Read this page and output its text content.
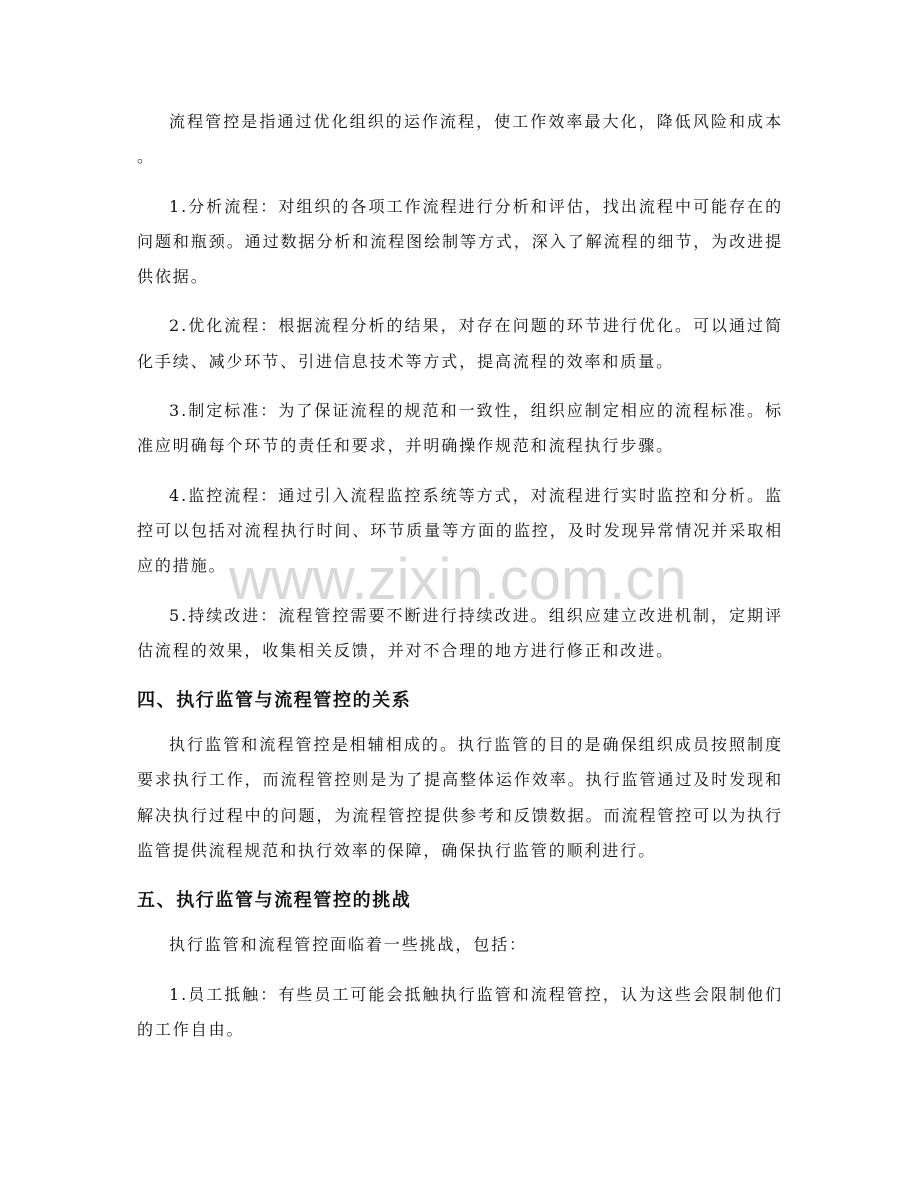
流程管控是指通过优化组织的运作流程，使工作效率最大化，降低风险和成本。

1.分析流程：对组织的各项工作流程进行分析和评估，找出流程中可能存在的问题和瓶颈。通过数据分析和流程图绘制等方式，深入了解流程的细节，为改进提供依据。

2.优化流程：根据流程分析的结果，对存在问题的环节进行优化。可以通过简化手续、减少环节、引进信息技术等方式，提高流程的效率和质量。

3.制定标准：为了保证流程的规范和一致性，组织应制定相应的流程标准。标准应明确每个环节的责任和要求，并明确操作规范和流程执行步骤。

4.监控流程：通过引入流程监控系统等方式，对流程进行实时监控和分析。监控可以包括对流程执行时间、环节质量等方面的监控，及时发现异常情况并采取相应的措施。

5.持续改进：流程管控需要不断进行持续改进。组织应建立改进机制，定期评估流程的效果，收集相关反馈，并对不合理的地方进行修正和改进。

四、执行监管与流程管控的关系

执行监管和流程管控是相辅相成的。执行监管的目的是确保组织成员按照制度要求执行工作，而流程管控则是为了提高整体运作效率。执行监管通过及时发现和解决执行过程中的问题，为流程管控提供参考和反馈数据。而流程管控可以为执行监管提供流程规范和执行效率的保障，确保执行监管的顺利进行。

五、执行监管与流程管控的挑战

执行监管和流程管控面临着一些挑战，包括：

1.员工抵触：有些员工可能会抵触执行监管和流程管控，认为这些会限制他们的工作自由。

www.zixin.com.cn
